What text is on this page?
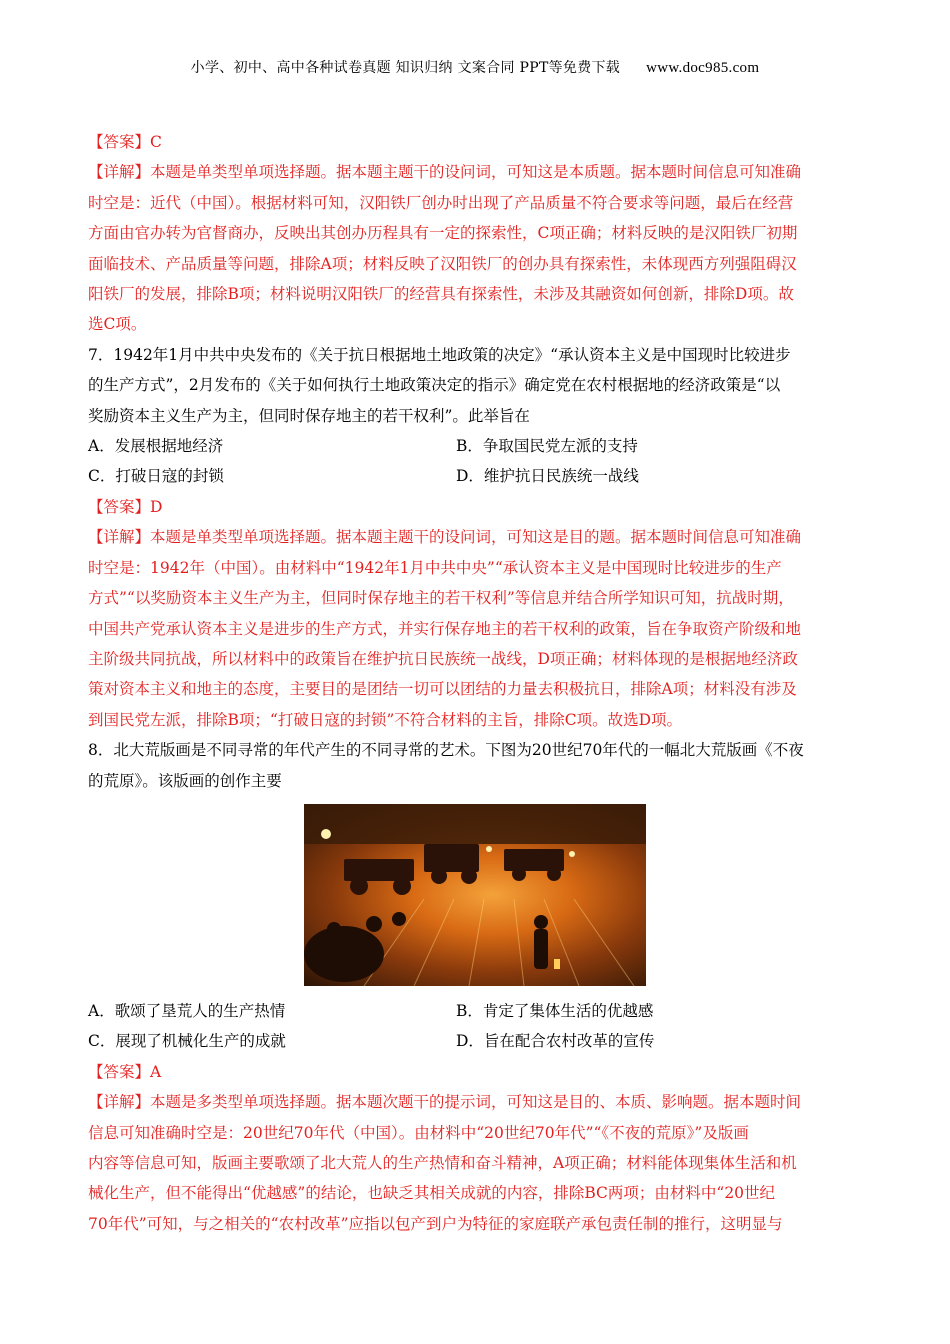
小学、初中、高中各种试卷真题 知识归纳 文案合同 PPT等免费下载 www.doc985.com
【答案】C
【详解】本题是单类型单项选择题。据本题主题干的设问词，可知这是本质题。据本题时间信息可知准确
时空是：近代（中国）。根据材料可知，汉阳铁厂创办时出现了产品质量不符合要求等问题，最后在经营
方面由官办转为官督商办，反映出其创办历程具有一定的探索性，C项正确；材料反映的是汉阳铁厂初期
面临技术、产品质量等问题，排除A项；材料反映了汉阳铁厂的创办具有探索性，未体现西方列强阻碍汉
阳铁厂的发展，排除B项；材料说明汉阳铁厂的经营具有探索性，未涉及其融资如何创新，排除D项。故
选C项。
7．1942年1月中共中央发布的《关于抗日根据地土地政策的决定》“承认资本主义是中国现时比较进步
的生产方式”，2月发布的《关于如何执行土地政策决定的指示》确定党在农村根据地的经济政策是“以
奖励资本主义生产为主，但同时保存地主的若干权利”。此举旨在
A．发展根据地经济	B．争取国民党左派的支持
C．打破日寇的封锁	D．维护抗日民族统一战线
【答案】D
【详解】本题是单类型单项选择题。据本题主题干的设问词，可知这是目的题。据本题时间信息可知准确
时空是：1942年（中国）。由材料中“1942年1月中共中央”“承认资本主义是中国现时比较进步的生产
方式”“以奖励资本主义生产为主，但同时保存地主的若干权利”等信息并结合所学知识可知，抗战时期，
中国共产党承认资本主义是进步的生产方式，并实行保存地主的若干权利的政策，旨在争取资产阶级和地
主阶级共同抗战，所以材料中的政策旨在维护抗日民族统一战线，D项正确；材料体现的是根据地经济政
策对资本主义和地主的态度，主要目的是团结一切可以团结的力量去积极抗日，排除A项；材料没有涉及
到国民党左派，排除B项；“打破日寇的封锁”不符合材料的主旨，排除C项。故选D项。
8．北大荒版画是不同寻常的年代产生的不同寻常的艺术。下图为20世纪70年代的一幅北大荒版画《不夜
的荒原》。该版画的创作主要
A．歌颂了垦荒人的生产热情	B．肯定了集体生活的优越感
C．展现了机械化生产的成就	D．旨在配合农村改革的宣传
【答案】A
【详解】本题是多类型单项选择题。据本题次题干的提示词，可知这是目的、本质、影响题。据本题时间
信息可知准确时空是：20世纪70年代（中国）。由材料中“20世纪70年代”“《不夜的荒原》”及版画
内容等信息可知，版画主要歌颂了北大荒人的生产热情和奋斗精神，A项正确；材料能体现集体生活和机
械化生产，但不能得出“优越感”的结论，也缺乏其相关成就的内容，排除BC两项；由材料中“20世纪
70年代”可知，与之相关的“农村改革”应指以包产到户为特征的家庭联产承包责任制的推行，这明显与
